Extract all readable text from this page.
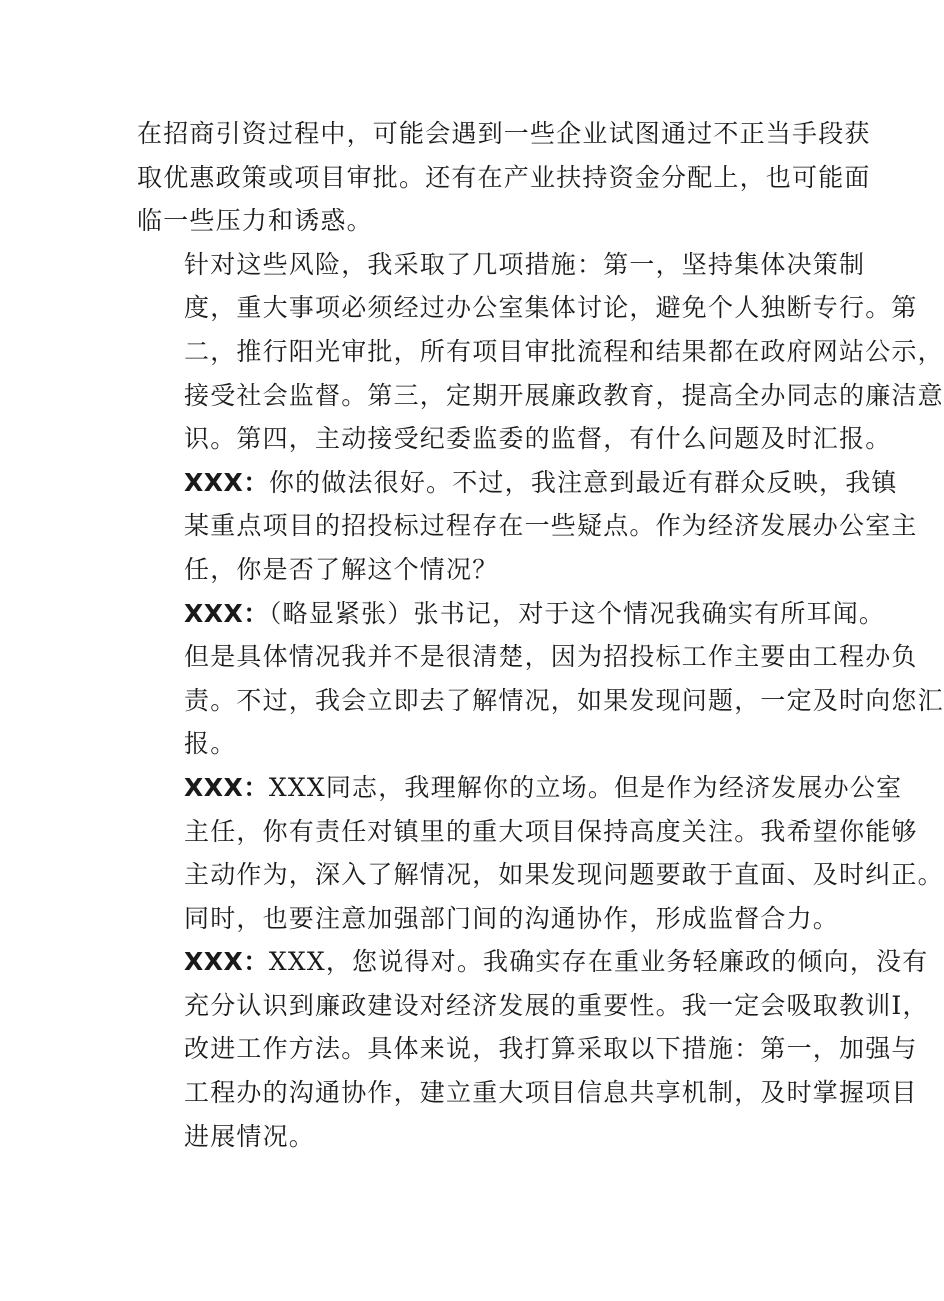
在招商引资过程中，可能会遇到一些企业试图通过不正当手段获
取优惠政策或项目审批。还有在产业扶持资金分配上，也可能面
临一些压力和诱惑。

针对这些风险，我采取了几项措施：第一，坚持集体决策制
度，重大事项必须经过办公室集体讨论，避免个人独断专行。第
二，推行阳光审批，所有项目审批流程和结果都在政府网站公示，
接受社会监督。第三，定期开展廉政教育，提高全办同志的廉洁意
识。第四，主动接受纪委监委的监督，有什么问题及时汇报。

XXX：你的做法很好。不过，我注意到最近有群众反映，我镇
某重点项目的招投标过程存在一些疑点。作为经济发展办公室主
任，你是否了解这个情况？

XXX：（略显紧张）张书记，对于这个情况我确实有所耳闻。
但是具体情况我并不是很清楚，因为招投标工作主要由工程办负
责。不过，我会立即去了解情况，如果发现问题，一定及时向您汇
报。

XXX：XXX同志，我理解你的立场。但是作为经济发展办公室
主任，你有责任对镇里的重大项目保持高度关注。我希望你能够
主动作为，深入了解情况，如果发现问题要敢于直面、及时纠正。
同时，也要注意加强部门间的沟通协作，形成监督合力。

XXX：XXX，您说得对。我确实存在重业务轻廉政的倾向，没有
充分认识到廉政建设对经济发展的重要性。我一定会吸取教训I，
改进工作方法。具体来说，我打算采取以下措施：第一，加强与
工程办的沟通协作，建立重大项目信息共享机制，及时掌握项目
进展情况。
